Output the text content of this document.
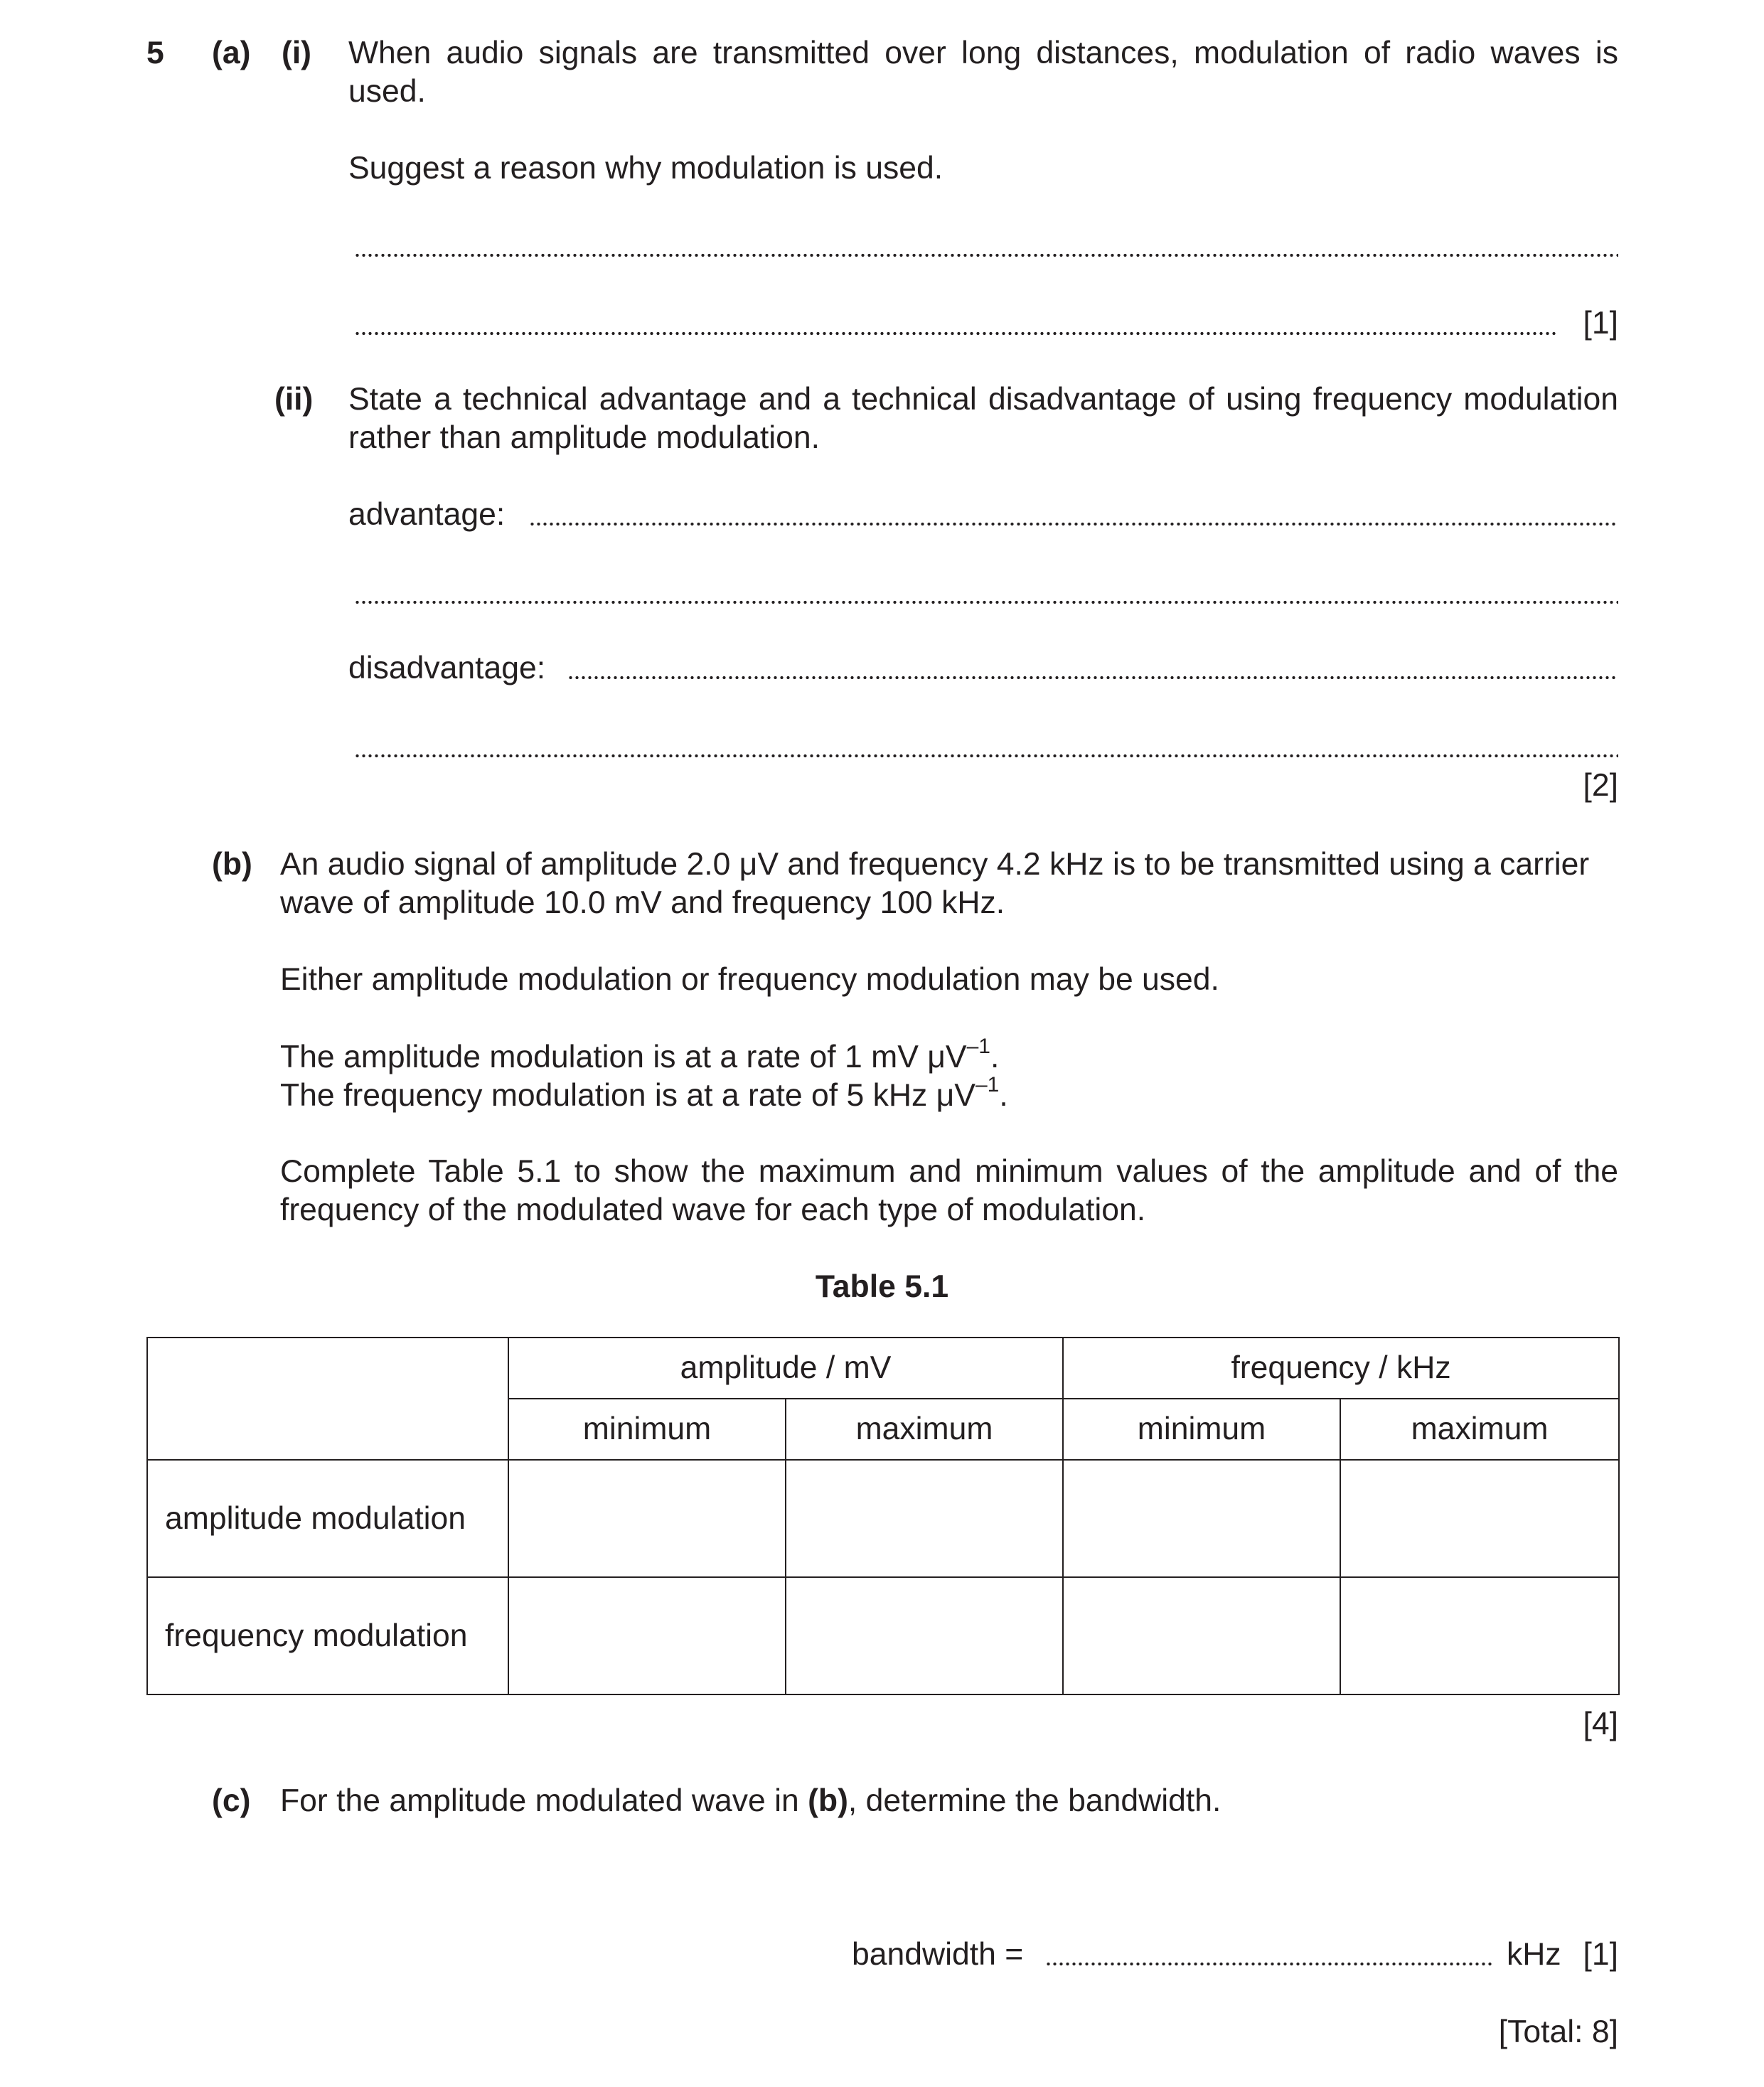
5 (a) (i) When audio signals are transmitted over long distances, modulation of radio waves is used.
Suggest a reason why modulation is used.
[1]
(ii) State a technical advantage and a technical disadvantage of using frequency modulation rather than amplitude modulation.
advantage:
disadvantage:
[2]
(b) An audio signal of amplitude 2.0 μV and frequency 4.2 kHz is to be transmitted using a carrier wave of amplitude 10.0 mV and frequency 100 kHz.
Either amplitude modulation or frequency modulation may be used.
The amplitude modulation is at a rate of 1 mV $\mu V^{-1}$.
The frequency modulation is at a rate of 5 kHz $\mu V^{-1}$.
Complete Table 5.1 to show the maximum and minimum values of the amplitude and of the frequency of the modulated wave for each type of modulation.
Table 5.1
	amplitude / mV		frequency / kHz	
	minimum	maximum	minimum	maximum
amplitude modulation				
frequency modulation				
[4]
(c) For the amplitude modulated wave in (b), determine the bandwidth.
bandwidth =	kHz [1]
[Total: 8]
